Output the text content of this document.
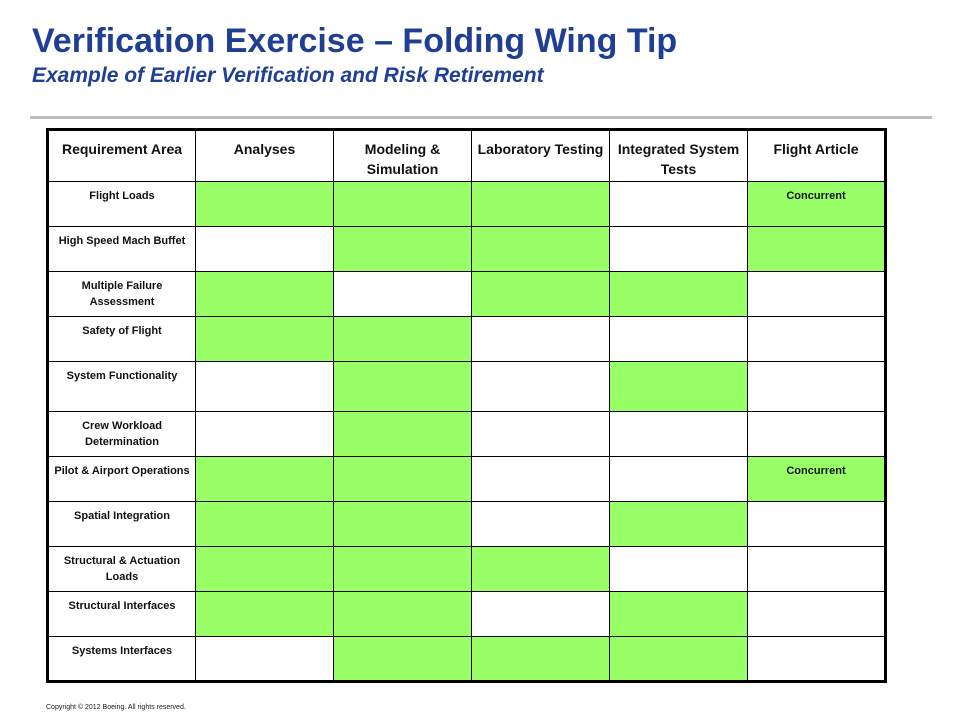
Verification Exercise – Folding Wing Tip
Example of Earlier Verification and Risk Retirement
Requirement Area	Analyses	Modeling & Simulation	Laboratory Testing	Integrated System Tests	Flight Article
Flight Loads					Concurrent
High Speed Mach Buffet					
Multiple Failure Assessment					
Safety of Flight					
System Functionality					
Crew Workload Determination					
Pilot & Airport Operations					Concurrent
Spatial Integration					
Structural & Actuation Loads					
Structural Interfaces					
Systems Interfaces					
Copyright © 2012 Boeing. All rights reserved.
